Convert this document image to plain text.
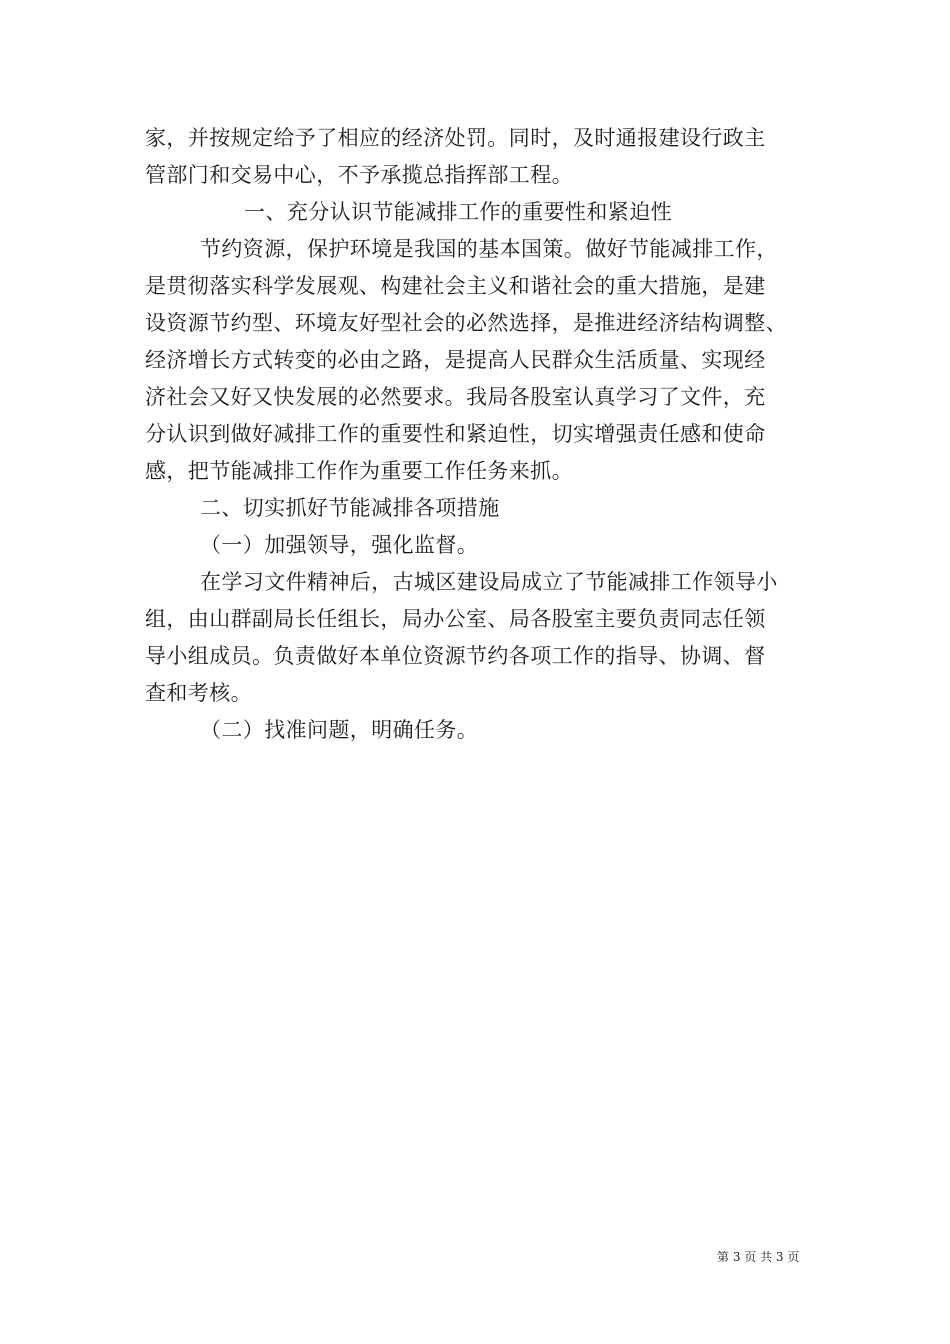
家，并按规定给予了相应的经济处罚。同时，及时通报建设行政主
管部门和交易中心，不予承揽总指挥部工程。
一、充分认识节能减排工作的重要性和紧迫性
节约资源，保护环境是我国的基本国策。做好节能减排工作，
是贯彻落实科学发展观、构建社会主义和谐社会的重大措施，是建
设资源节约型、环境友好型社会的必然选择，是推进经济结构调整、
经济增长方式转变的必由之路，是提高人民群众生活质量、实现经
济社会又好又快发展的必然要求。我局各股室认真学习了文件，充
分认识到做好减排工作的重要性和紧迫性，切实增强责任感和使命
感，把节能减排工作作为重要工作任务来抓。
二、切实抓好节能减排各项措施
（一）加强领导，强化监督。
在学习文件精神后，古城区建设局成立了节能减排工作领导小
组，由山群副局长任组长，局办公室、局各股室主要负责同志任领
导小组成员。负责做好本单位资源节约各项工作的指导、协调、督
查和考核。
（二）找准问题，明确任务。
第 3 页 共 3 页
